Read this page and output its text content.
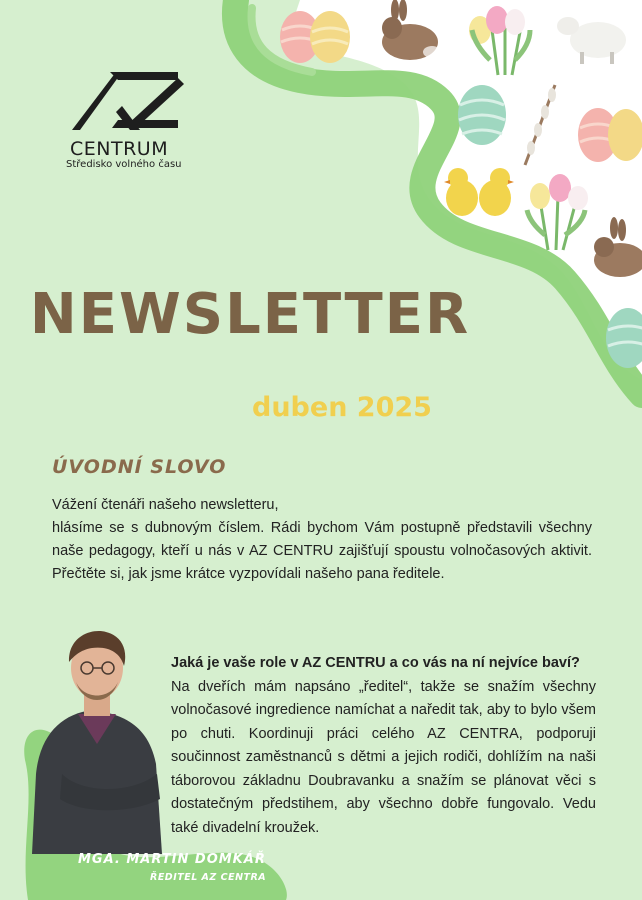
CENTRUM
Středisko volného času
NEWSLETTER
duben 2025
ÚVODNÍ SLOVO

Vážení čtenáři našeho newsletteru,

hlásíme se s dubnovým číslem. Rádi bychom Vám postupně představili všechny naše pedagogy, kteří u nás v AZ CENTRU zajišťují spoustu volnočasových aktivit. Přečtěte si, jak jsme krátce vyzpovídali našeho pana ředitele.

Jaká je vaše role v AZ CENTRU a co vás na ní nejvíce baví?

Na dveřích mám napsáno „ředitel“, takže se snažím všechny volnočasové ingredience namíchat a naředit tak, aby to bylo všem po chuti. Koordinuji práci celého AZ CENTRA, podporuji součinnost zaměstnanců s dětmi a jejich rodiči, dohlížím na naši táborovou základnu Doubravanku a snažím se plánovat věci s dostatečným předstihem, aby všechno dobře fungovalo. Vedu také divadelní kroužek.

MGA. MARTIN DOMKÁŘ
ŘEDITEL AZ CENTRA
